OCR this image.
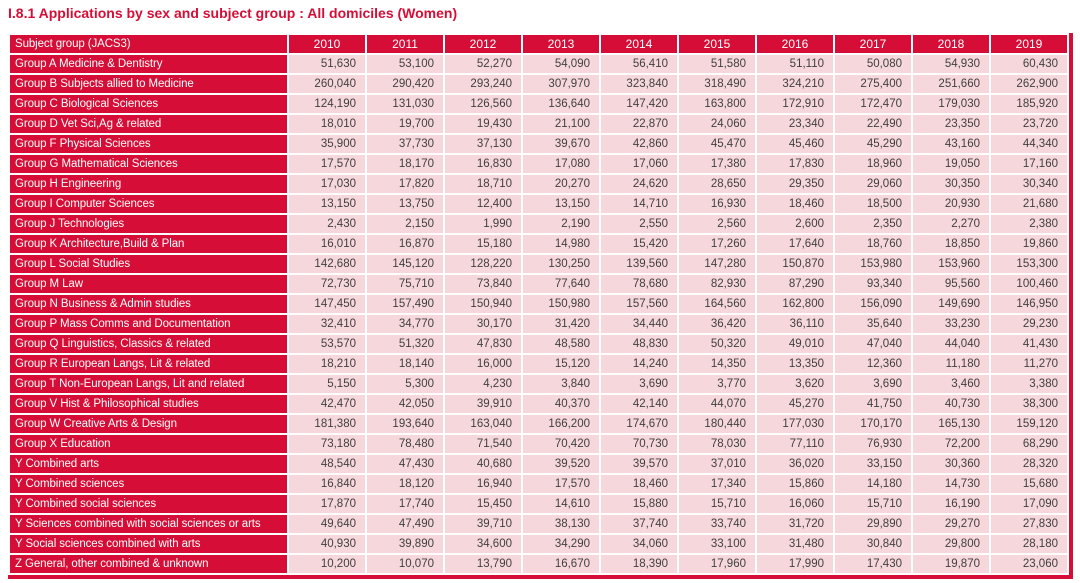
I.8.1 Applications by sex and subject group : All domiciles (Women)
Subject group (JACS3)	2010	2011	2012	2013	2014	2015	2016	2017	2018	2019
Group A Medicine & Dentistry	51,630	53,100	52,270	54,090	56,410	51,580	51,110	50,080	54,930	60,430
Group B Subjects allied to Medicine	260,040	290,420	293,240	307,970	323,840	318,490	324,210	275,400	251,660	262,900
Group C Biological Sciences	124,190	131,030	126,560	136,640	147,420	163,800	172,910	172,470	179,030	185,920
Group D Vet Sci,Ag & related	18,010	19,700	19,430	21,100	22,870	24,060	23,340	22,490	23,350	23,720
Group F Physical Sciences	35,900	37,730	37,130	39,670	42,860	45,470	45,460	45,290	43,160	44,340
Group G Mathematical Sciences	17,570	18,170	16,830	17,080	17,060	17,380	17,830	18,960	19,050	17,160
Group H Engineering	17,030	17,820	18,710	20,270	24,620	28,650	29,350	29,060	30,350	30,340
Group I Computer Sciences	13,150	13,750	12,400	13,150	14,710	16,930	18,460	18,500	20,930	21,680
Group J Technologies	2,430	2,150	1,990	2,190	2,550	2,560	2,600	2,350	2,270	2,380
Group K Architecture,Build & Plan	16,010	16,870	15,180	14,980	15,420	17,260	17,640	18,760	18,850	19,860
Group L Social Studies	142,680	145,120	128,220	130,250	139,560	147,280	150,870	153,980	153,960	153,300
Group M Law	72,730	75,710	73,840	77,640	78,680	82,930	87,290	93,340	95,560	100,460
Group N Business & Admin studies	147,450	157,490	150,940	150,980	157,560	164,560	162,800	156,090	149,690	146,950
Group P Mass Comms and Documentation	32,410	34,770	30,170	31,420	34,440	36,420	36,110	35,640	33,230	29,230
Group Q Linguistics, Classics & related	53,570	51,320	47,830	48,580	48,830	50,320	49,010	47,040	44,040	41,430
Group R European Langs, Lit & related	18,210	18,140	16,000	15,120	14,240	14,350	13,350	12,360	11,180	11,270
Group T Non-European Langs, Lit and related	5,150	5,300	4,230	3,840	3,690	3,770	3,620	3,690	3,460	3,380
Group V Hist & Philosophical studies	42,470	42,050	39,910	40,370	42,140	44,070	45,270	41,750	40,730	38,300
Group W Creative Arts & Design	181,380	193,640	163,040	166,200	174,670	180,440	177,030	170,170	165,130	159,120
Group X Education	73,180	78,480	71,540	70,420	70,730	78,030	77,110	76,930	72,200	68,290
Y Combined arts	48,540	47,430	40,680	39,520	39,570	37,010	36,020	33,150	30,360	28,320
Y Combined sciences	16,840	18,120	16,940	17,570	18,460	17,340	15,860	14,180	14,730	15,680
Y Combined social sciences	17,870	17,740	15,450	14,610	15,880	15,710	16,060	15,710	16,190	17,090
Y Sciences combined with social sciences or arts	49,640	47,490	39,710	38,130	37,740	33,740	31,720	29,890	29,270	27,830
Y Social sciences combined with arts	40,930	39,890	34,600	34,290	34,060	33,100	31,480	30,840	29,800	28,180
Z General, other combined & unknown	10,200	10,070	13,790	16,670	18,390	17,960	17,990	17,430	19,870	23,060
